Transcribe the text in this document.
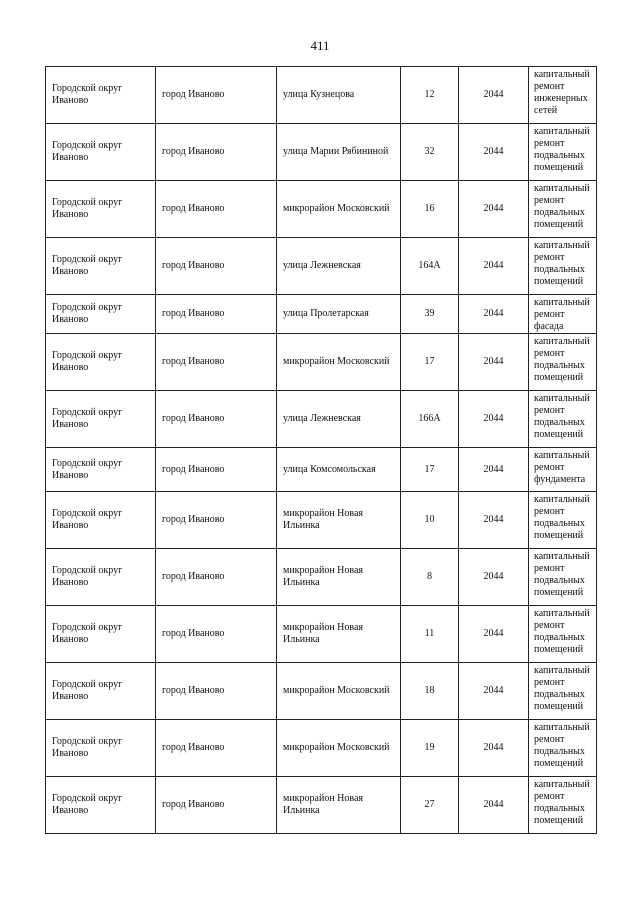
411
Городской округ Иваново	город Иваново	улица Кузнецова	12	2044	капитальный ремонт инженерных сетей
Городской округ Иваново	город Иваново	улица Марии Рябининой	32	2044	капитальный ремонт подвальных помещений
Городской округ Иваново	город Иваново	микрорайон Московский	16	2044	капитальный ремонт подвальных помещений
Городской округ Иваново	город Иваново	улица Лежневская	164А	2044	капитальный ремонт подвальных помещений
Городской округ Иваново	город Иваново	улица Пролетарская	39	2044	капитальный ремонт фасада
Городской округ Иваново	город Иваново	микрорайон Московский	17	2044	капитальный ремонт подвальных помещений
Городской округ Иваново	город Иваново	улица Лежневская	166А	2044	капитальный ремонт подвальных помещений
Городской округ Иваново	город Иваново	улица Комсомольская	17	2044	капитальный ремонт фундамента
Городской округ Иваново	город Иваново	микрорайон Новая Ильинка	10	2044	капитальный ремонт подвальных помещений
Городской округ Иваново	город Иваново	микрорайон Новая Ильинка	8	2044	капитальный ремонт подвальных помещений
Городской округ Иваново	город Иваново	микрорайон Новая Ильинка	11	2044	капитальный ремонт подвальных помещений
Городской округ Иваново	город Иваново	микрорайон Московский	18	2044	капитальный ремонт подвальных помещений
Городской округ Иваново	город Иваново	микрорайон Московский	19	2044	капитальный ремонт подвальных помещений
Городской округ Иваново	город Иваново	микрорайон Новая Ильинка	27	2044	капитальный ремонт подвальных помещений
